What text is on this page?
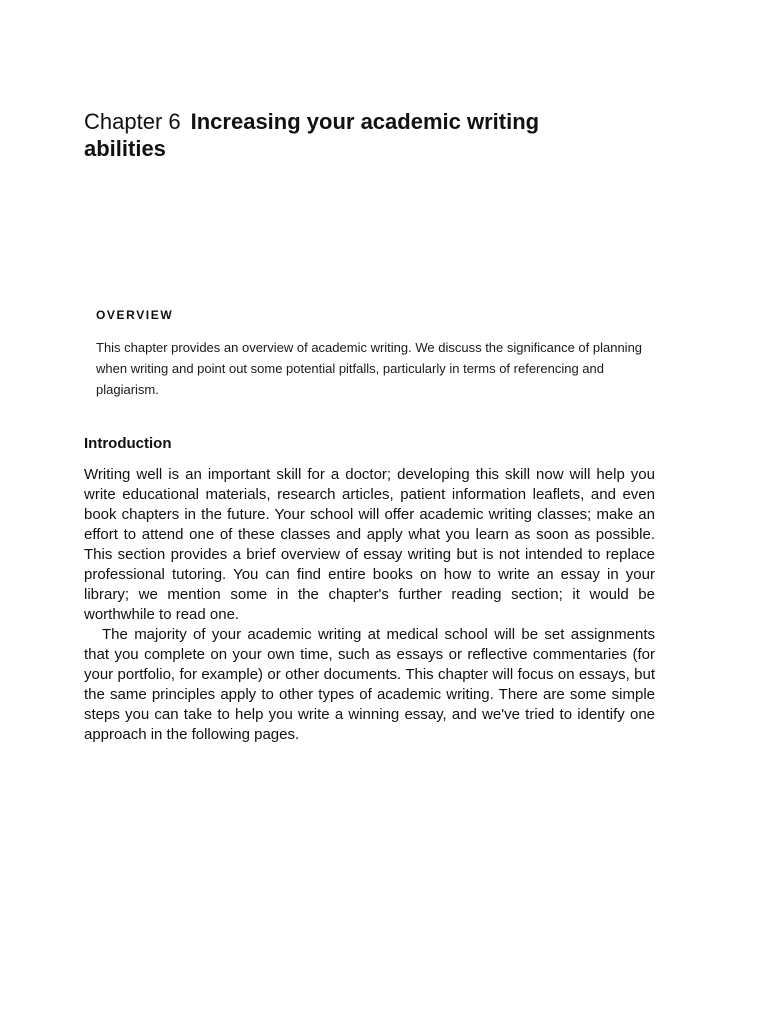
Chapter 6 Increasing your academic writing abilities
OVERVIEW

This chapter provides an overview of academic writing. We discuss the significance of planning when writing and point out some potential pitfalls, particularly in terms of referencing and plagiarism.

Introduction

Writing well is an important skill for a doctor; developing this skill now will help you write educational materials, research articles, patient information leaflets, and even book chapters in the future. Your school will offer academic writing classes; make an effort to attend one of these classes and apply what you learn as soon as possible. This section provides a brief overview of essay writing but is not intended to replace professional tutoring. You can find entire books on how to write an essay in your library; we mention some in the chapter's further reading section; it would be worthwhile to read one.

The majority of your academic writing at medical school will be set assignments that you complete on your own time, such as essays or reflective commentaries (for your portfolio, for example) or other documents. This chapter will focus on essays, but the same principles apply to other types of academic writing. There are some simple steps you can take to help you write a winning essay, and we've tried to identify one approach in the following pages.
